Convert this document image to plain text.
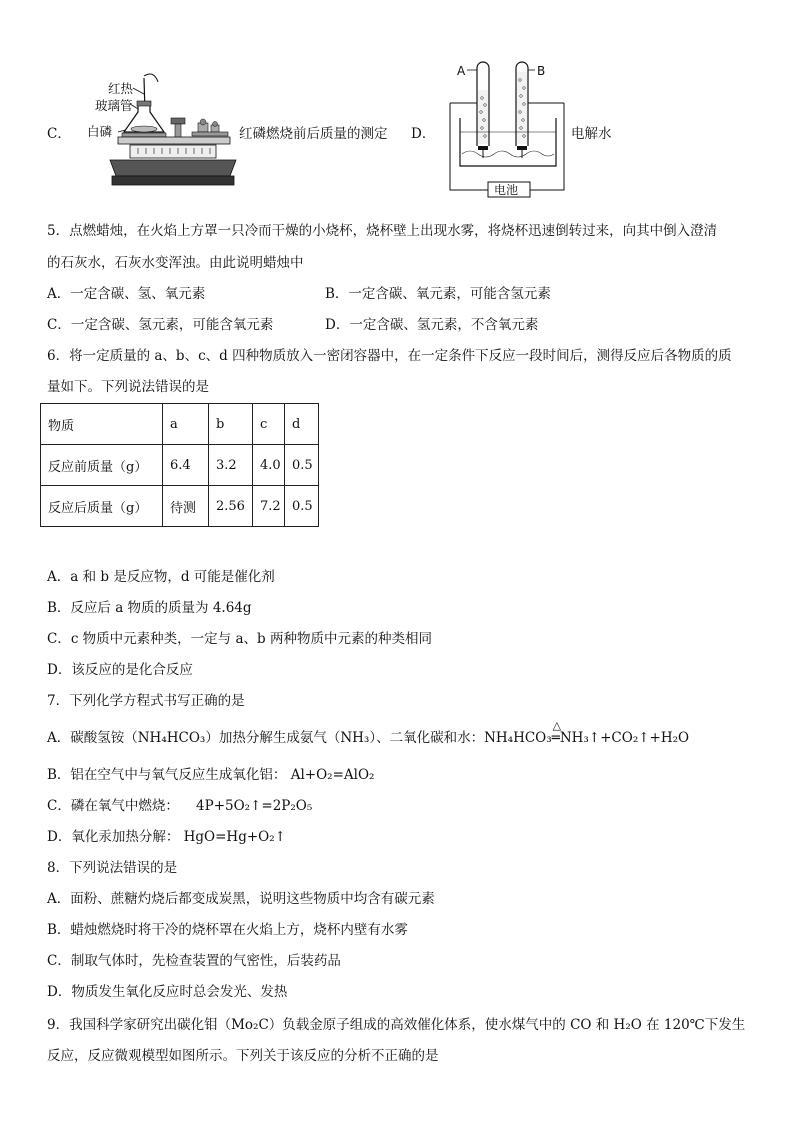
C．
红热
玻璃管
白磷	红磷燃烧前后质量的测定 D．
A	B
电池
电解水
5．点燃蜡烛，在火焰上方罩一只冷而干燥的小烧杯，烧杯壁上出现水雾，将烧杯迅速倒转过来，向其中倒入澄清
的石灰水，石灰水变浑浊。由此说明蜡烛中
A．一定含碳、氢、氧元素	B．一定含碳、氧元素，可能含氢元素
C．一定含碳、氢元素，可能含氧元素	D．一定含碳、氢元素，不含氧元素
6．将一定质量的 a、b、c、d 四种物质放入一密闭容器中，在一定条件下反应一段时间后，测得反应后各物质的质
量如下。下列说法错误的是
物质	a	b	c	d
反应前质量（g）	6.4	3.2	4.0	0.5
反应后质量（g）	待测	2.56	7.2	0.5
A．a 和 b 是反应物，d 可能是催化剂
B．反应后 a 物质的质量为 4.64g
C．c 物质中元素种类，一定与 a、b 两种物质中元素的种类相同
D．该反应的是化合反应
7．下列化学方程式书写正确的是
A．碳酸氢铵（NH₄HCO₃）加热分解生成氨气（NH₃）、二氧化碳和水：NH₄HCO₃
△
═NH₃↑+CO₂↑+H₂O
B．铝在空气中与氧气反应生成氧化铝： Al+O₂=AlO₂
C．磷在氧气中燃烧： 4P+5O₂↑=2P₂O₅
D．氧化汞加热分解： HgO=Hg+O₂↑
8．下列说法错误的是
A．面粉、蔗糖灼烧后都变成炭黑，说明这些物质中均含有碳元素
B．蜡烛燃烧时将干冷的烧杯罩在火焰上方，烧杯内壁有水雾
C．制取气体时，先检查装置的气密性，后装药品
D．物质发生氧化反应时总会发光、发热
9．我国科学家研究出碳化钼（Mo₂C）负载金原子组成的高效催化体系，使水煤气中的 CO 和 H₂O 在 120℃下发生
反应，反应微观模型如图所示。下列关于该反应的分析不正确的是
